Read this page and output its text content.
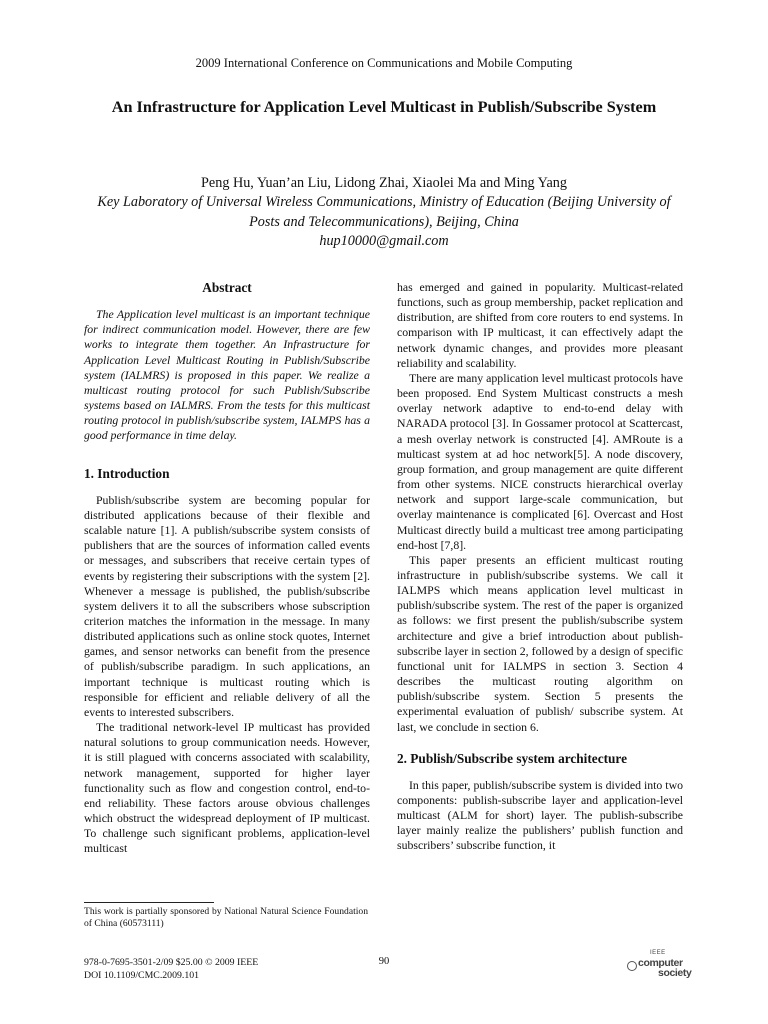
2009 International Conference on Communications and Mobile Computing
An Infrastructure for Application Level Multicast in Publish/Subscribe System
Peng Hu, Yuan’an Liu, Lidong Zhai, Xiaolei Ma and Ming Yang
Key Laboratory of Universal Wireless Communications, Ministry of Education (Beijing University of Posts and Telecommunications), Beijing, China
hup10000@gmail.com
Abstract

The Application level multicast is an important technique for indirect communication model. However, there are few works to integrate them together. An Infrastructure for Application Level Multicast Routing in Publish/Subscribe system (IALMRS) is proposed in this paper. We realize a multicast routing protocol for such Publish/Subscribe systems based on IALMRS. From the tests for this multicast routing protocol in publish/subscribe system, IALMPS has a good performance in time delay.

1. Introduction

Publish/subscribe system are becoming popular for distributed applications because of their flexible and scalable nature [1]. A publish/subscribe system consists of publishers that are the sources of information called events or messages, and subscribers that receive certain types of events by registering their subscriptions with the system [2]. Whenever a message is published, the publish/subscribe system delivers it to all the subscribers whose subscription criterion matches the information in the message. In many distributed applications such as online stock quotes, Internet games, and sensor networks can benefit from the presence of publish/subscribe paradigm. In such applications, an important technique is multicast routing which is responsible for efficient and reliable delivery of all the events to interested subscribers.

The traditional network-level IP multicast has provided natural solutions to group communication needs. However, it is still plagued with concerns associated with scalability, network management, supported for higher layer functionality such as flow and congestion control, end-to-end reliability. These factors arouse obvious challenges which obstruct the widespread deployment of IP multicast. To challenge such significant problems, application-level multicast

has emerged and gained in popularity. Multicast-related functions, such as group membership, packet replication and distribution, are shifted from core routers to end systems. In comparison with IP multicast, it can effectively adapt the network dynamic changes, and provides more pleasant reliability and scalability.

There are many application level multicast protocols have been proposed. End System Multicast constructs a mesh overlay network adaptive to end-to-end delay with NARADA protocol [3]. In Gossamer protocol at Scattercast, a mesh overlay network is constructed [4]. AMRoute is a multicast system at ad hoc network[5]. A node discovery, group formation, and group management are quite different from other systems. NICE constructs hierarchical overlay network and support large-scale communication, but overlay maintenance is complicated [6]. Overcast and Host Multicast directly build a multicast tree among participating end-host [7,8].

This paper presents an efficient multicast routing infrastructure in publish/subscribe systems. We call it IALMPS which means application level multicast in publish/subscribe system. The rest of the paper is organized as follows: we first present the publish/subscribe system architecture and give a brief introduction about publish-subscribe layer in section 2, followed by a design of specific functional unit for IALMPS in section 3. Section 4 describes the multicast routing algorithm on publish/subscribe system. Section 5 presents the experimental evaluation of publish/ subscribe system. At last, we conclude in section 6.

2. Publish/Subscribe system architecture

In this paper, publish/subscribe system is divided into two components: publish-subscribe layer and application-level multicast (ALM for short) layer. The publish-subscribe layer mainly realize the publishers’ publish function and subscribers’ subscribe function, it

This work is partially sponsored by National Natural Science Foundation of China (60573111)
978-0-7695-3501-2/09 $25.00 © 2009 IEEE
DOI 10.1109/CMC.2009.101
90
IEEE
computer
society
